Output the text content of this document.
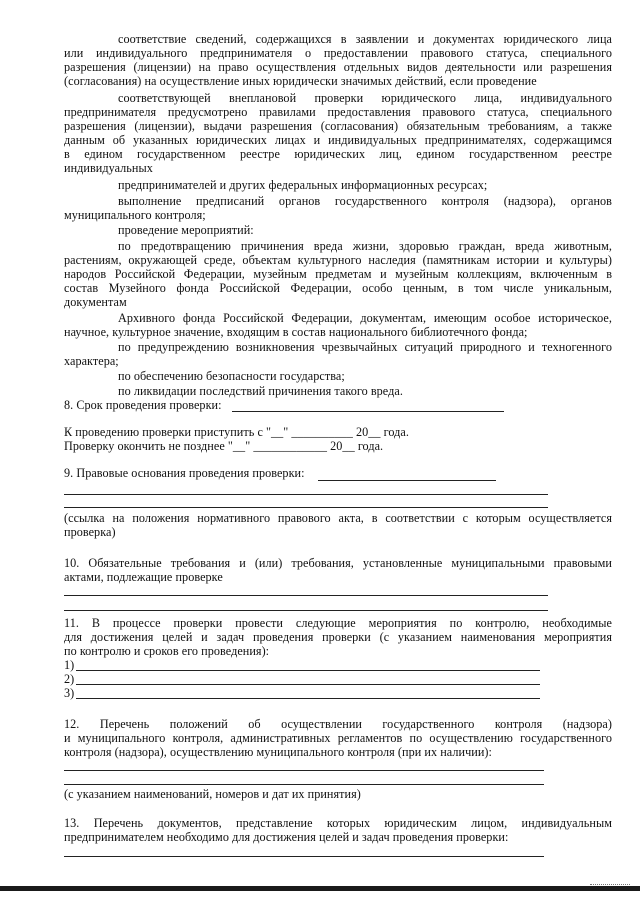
соответствие сведений, содержащихся в заявлении и документах юридического лица
или индивидуального предпринимателя о предоставлении правового статуса, специального
разрешения (лицензии) на право осуществления отдельных видов деятельности или разрешения
(согласования) на осуществление иных юридически значимых действий, если проведение
соответствующей внеплановой проверки юридического лица, индивидуального
предпринимателя предусмотрено правилами предоставления правового статуса, специального
разрешения (лицензии), выдачи разрешения (согласования) обязательным требованиям, а также
данным об указанных юридических лицах и индивидуальных предпринимателях, содержащимся
в едином государственном реестре юридических лиц, едином государственном реестре
индивидуальных
предпринимателей и других федеральных информационных ресурсах;
выполнение предписаний органов государственного контроля (надзора), органов
муниципального контроля;
проведение мероприятий:
по предотвращению причинения вреда жизни, здоровью граждан, вреда животным,
растениям, окружающей среде, объектам культурного наследия (памятникам истории и культуры)
народов Российской Федерации, музейным предметам и музейным коллекциям, включенным в
состав Музейного фонда Российской Федерации, особо ценным, в том числе уникальным,
документам
Архивного фонда Российской Федерации, документам, имеющим особое историческое,
научное, культурное значение, входящим в состав национального библиотечного фонда;
по предупреждению возникновения чрезвычайных ситуаций природного и техногенного
характера;
по обеспечению безопасности государства;
по ликвидации последствий причинения такого вреда.
8. Срок проведения проверки:
К проведению проверки приступить с "__" __________ 20__ года.
Проверку окончить не позднее "__" ____________ 20__ года.
9. Правовые основания проведения проверки:
(ссылка на положения нормативного правового акта, в соответствии с которым осуществляется
проверка)
10. Обязательные требования и (или) требования, установленные муниципальными правовыми
актами, подлежащие проверке
11. В процессе проверки провести следующие мероприятия по контролю, необходимые
для достижения целей и задач проведения проверки (с указанием наименования мероприятия
по контролю и сроков его проведения):
1)
2)
3)
12. Перечень положений об осуществлении государственного контроля (надзора)
и муниципального контроля, административных регламентов по осуществлению государственного
контроля (надзора), осуществлению муниципального контроля (при их наличии):
(с указанием наименований, номеров и дат их принятия)
13. Перечень документов, представление которых юридическим лицом, индивидуальным
предпринимателем необходимо для достижения целей и задач проведения проверки:
